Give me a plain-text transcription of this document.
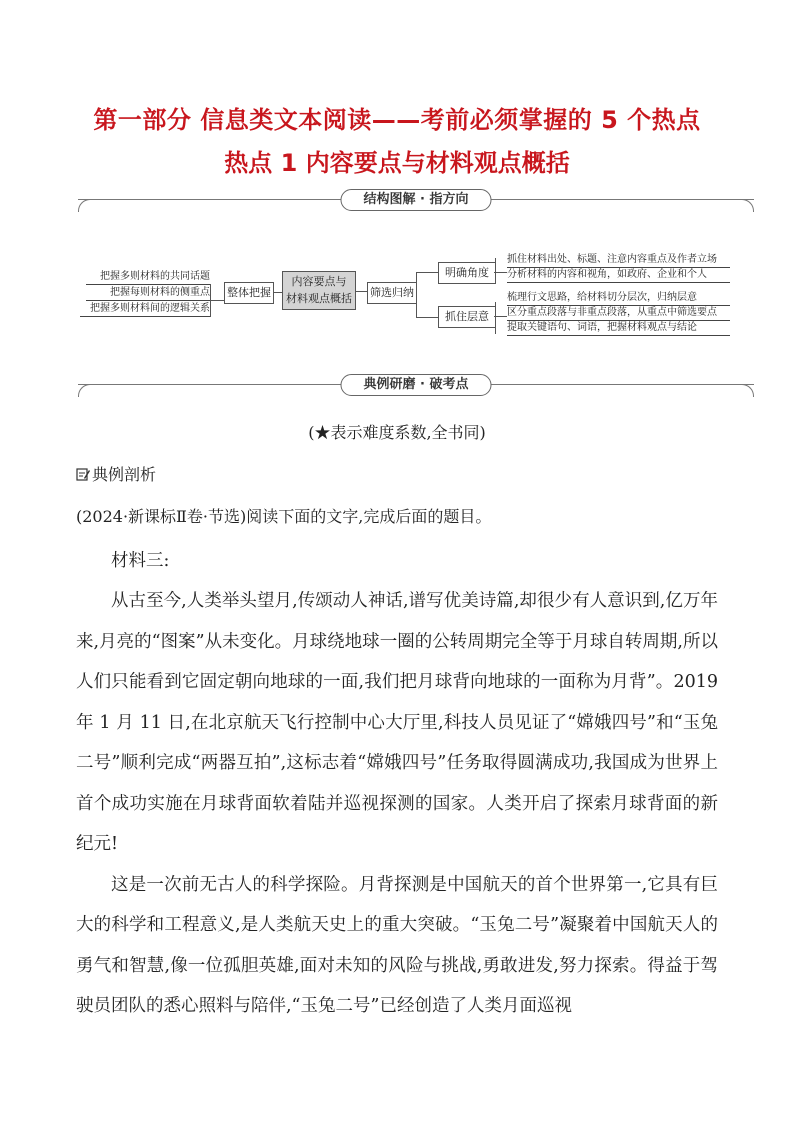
第一部分 信息类文本阅读——考前必须掌握的 5 个热点
热点 1 内容要点与材料观点概括
结构图解 · 指方向
把握多则材料的共同话题
把握每则材料的侧重点
把握多则材料间的逻辑关系
整体把握
内容要点与
材料观点概括 筛选归纳
明确角度
抓住材料出处、标题、注意内容重点及作者立场
分析材料的内容和视角，如政府、企业和个人
抓住层意
梳理行文思路，给材料切分层次，归纳层意
区分重点段落与非重点段落，从重点中筛选要点
提取关键语句、词语，把握材料观点与结论
典例研磨 · 破考点
(★表示难度系数,全书同)
典例剖析
(2024·新课标Ⅱ卷·节选)阅读下面的文字,完成后面的题目。

材料三:

从古至今,人类举头望月,传颂动人神话,谱写优美诗篇,却很少有人意识到,亿万年来,月亮的“图案”从未变化。月球绕地球一圈的公转周期完全等于月球自转周期,所以人们只能看到它固定朝向地球的一面,我们把月球背向地球的一面称为月背”。2019 年 1 月 11 日,在北京航天飞行控制中心大厅里,科技人员见证了“嫦娥四号”和“玉兔二号”顺利完成“两器互拍”,这标志着“嫦娥四号”任务取得圆满成功,我国成为世界上首个成功实施在月球背面软着陆并巡视探测的国家。人类开启了探索月球背面的新纪元!

这是一次前无古人的科学探险。月背探测是中国航天的首个世界第一,它具有巨大的科学和工程意义,是人类航天史上的重大突破。“玉兔二号”凝聚着中国航天人的勇气和智慧,像一位孤胆英雄,面对未知的风险与挑战,勇敢进发,努力探索。得益于驾驶员团队的悉心照料与陪伴,“玉兔二号”已经创造了人类月面巡视
